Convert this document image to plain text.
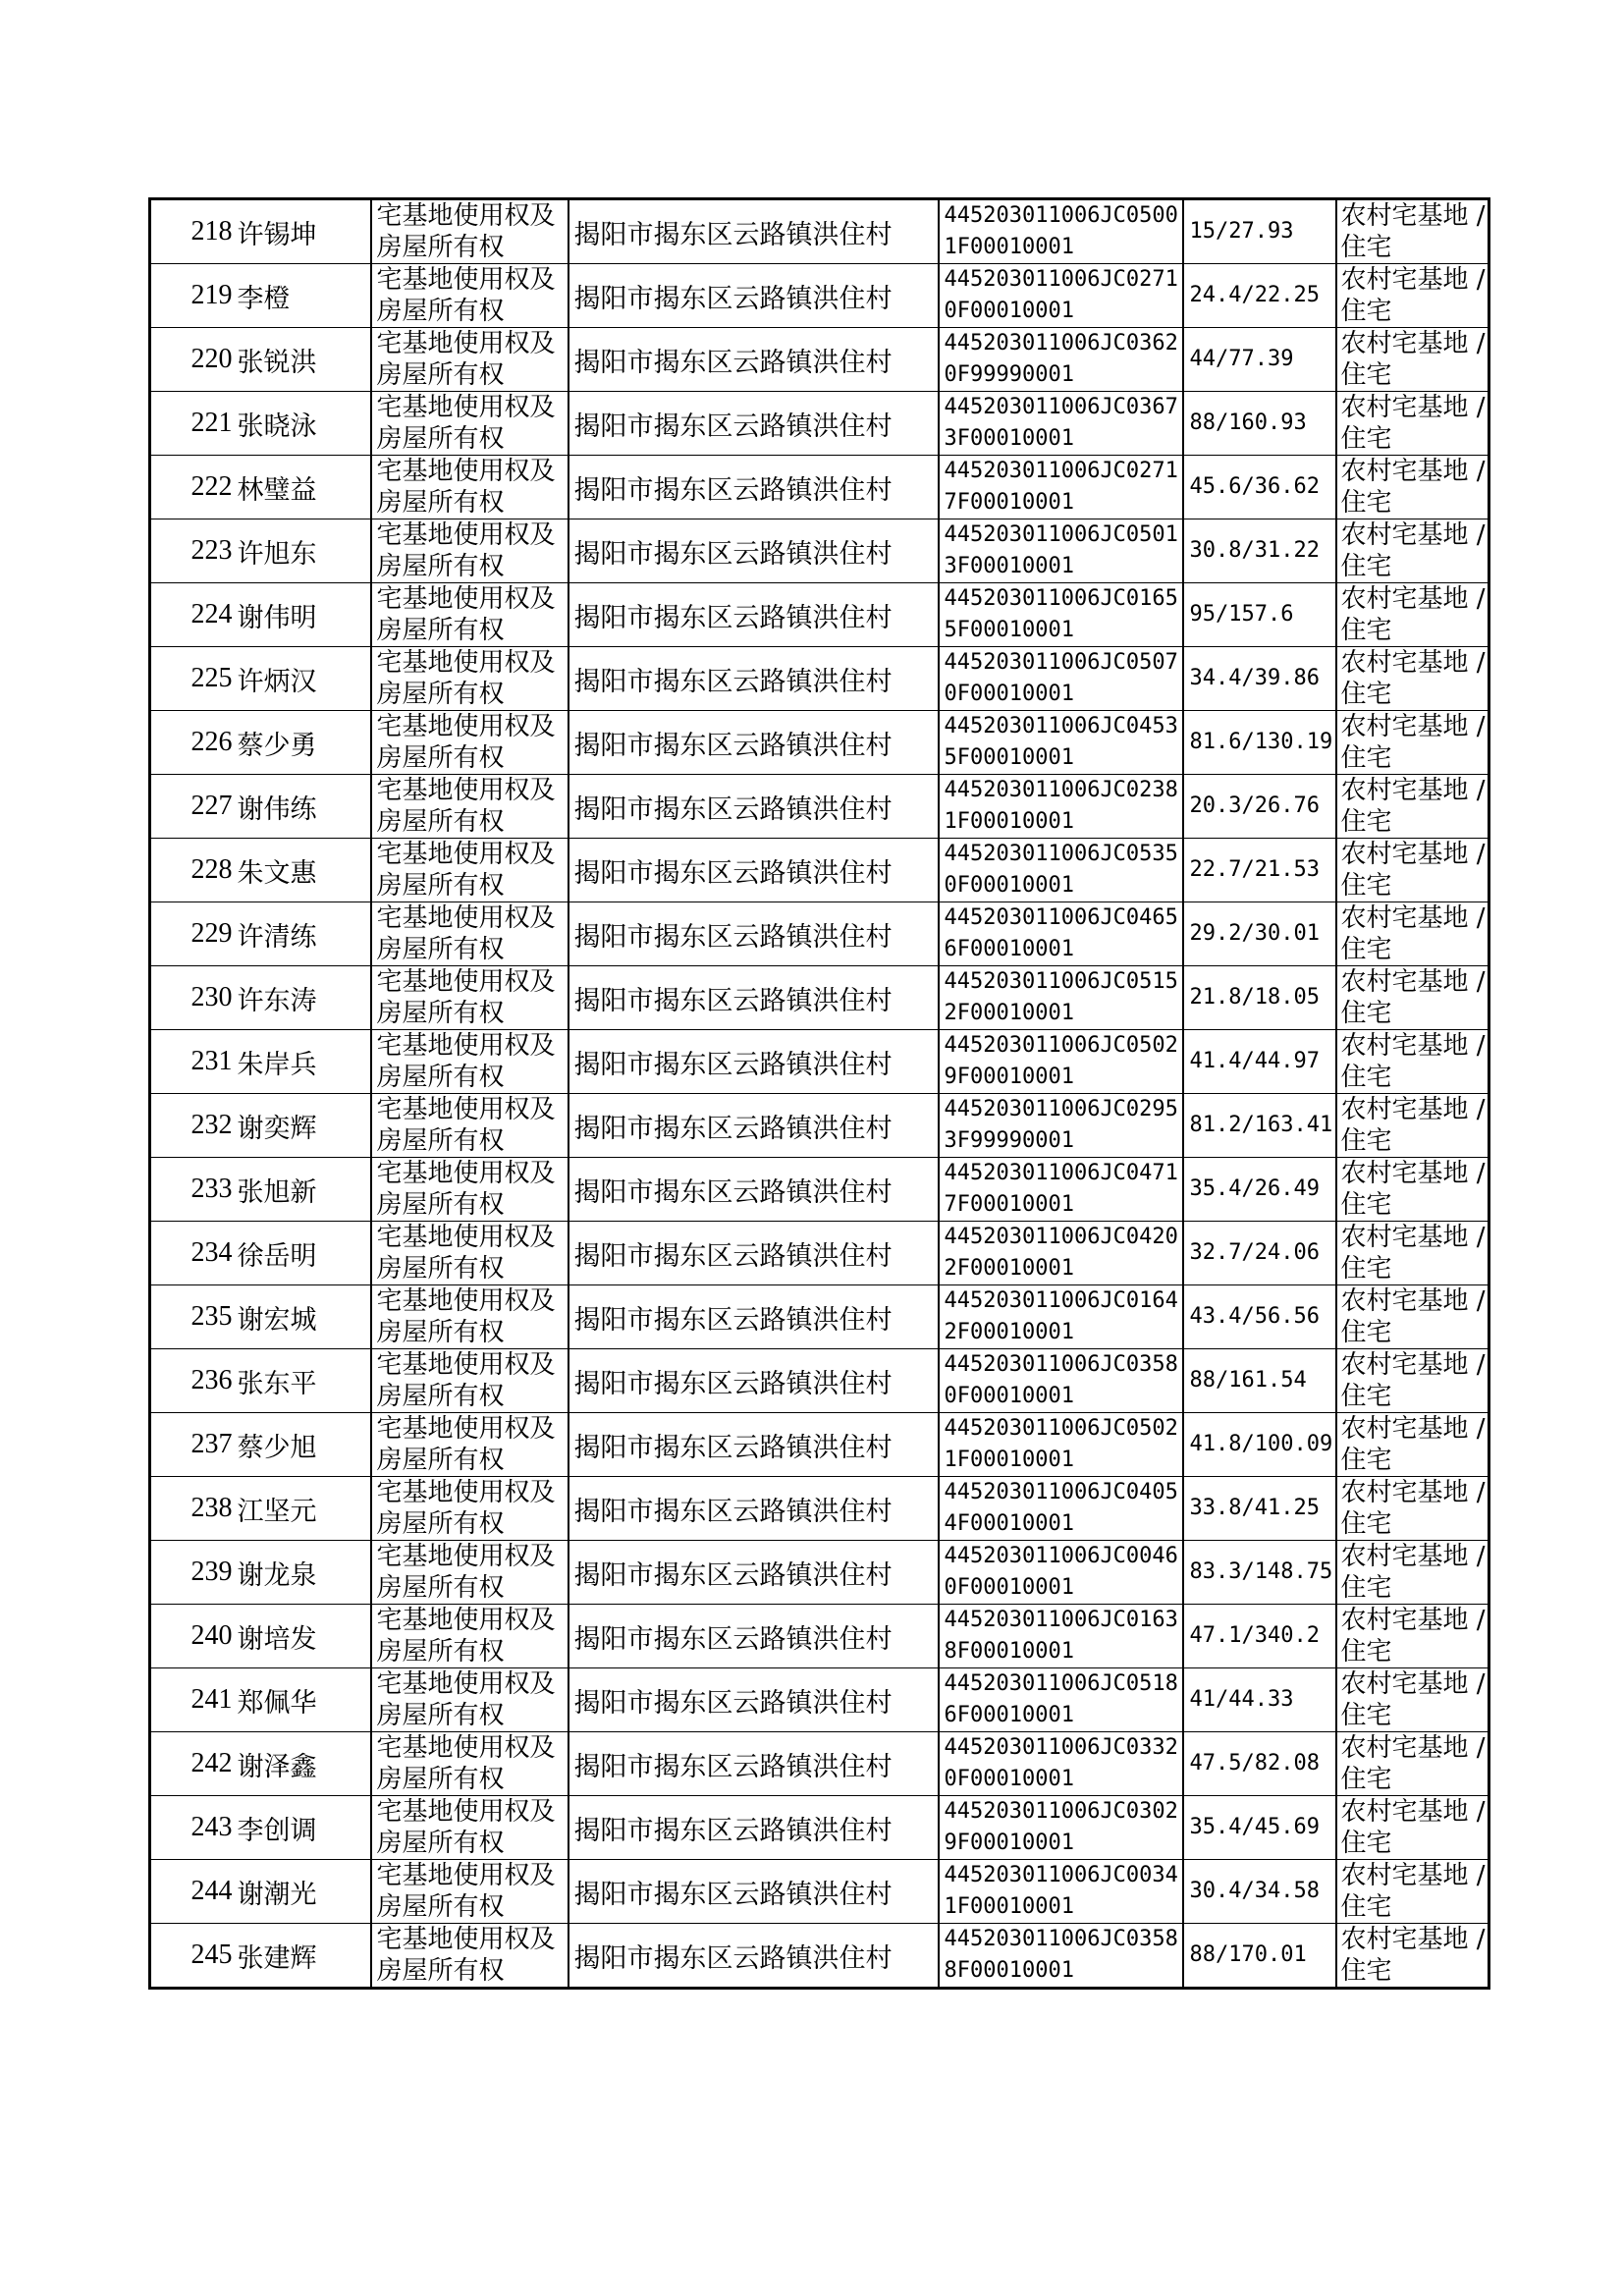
218	许锡坤	宅基地使用权及房屋所有权	揭阳市揭东区云路镇洪住村	445203011006JC05001F00010001	15/27.93	农村宅基地 / 住宅
219	李橙	宅基地使用权及房屋所有权	揭阳市揭东区云路镇洪住村	445203011006JC02710F00010001	24.4/22.25	农村宅基地 / 住宅
220	张锐洪	宅基地使用权及房屋所有权	揭阳市揭东区云路镇洪住村	445203011006JC03620F99990001	44/77.39	农村宅基地 / 住宅
221	张晓泳	宅基地使用权及房屋所有权	揭阳市揭东区云路镇洪住村	445203011006JC03673F00010001	88/160.93	农村宅基地 / 住宅
222	林璧益	宅基地使用权及房屋所有权	揭阳市揭东区云路镇洪住村	445203011006JC02717F00010001	45.6/36.62	农村宅基地 / 住宅
223	许旭东	宅基地使用权及房屋所有权	揭阳市揭东区云路镇洪住村	445203011006JC05013F00010001	30.8/31.22	农村宅基地 / 住宅
224	谢伟明	宅基地使用权及房屋所有权	揭阳市揭东区云路镇洪住村	445203011006JC01655F00010001	95/157.6	农村宅基地 / 住宅
225	许炳汉	宅基地使用权及房屋所有权	揭阳市揭东区云路镇洪住村	445203011006JC05070F00010001	34.4/39.86	农村宅基地 / 住宅
226	蔡少勇	宅基地使用权及房屋所有权	揭阳市揭东区云路镇洪住村	445203011006JC04535F00010001	81.6/130.19	农村宅基地 / 住宅
227	谢伟练	宅基地使用权及房屋所有权	揭阳市揭东区云路镇洪住村	445203011006JC02381F00010001	20.3/26.76	农村宅基地 / 住宅
228	朱文惠	宅基地使用权及房屋所有权	揭阳市揭东区云路镇洪住村	445203011006JC05350F00010001	22.7/21.53	农村宅基地 / 住宅
229	许清练	宅基地使用权及房屋所有权	揭阳市揭东区云路镇洪住村	445203011006JC04656F00010001	29.2/30.01	农村宅基地 / 住宅
230	许东涛	宅基地使用权及房屋所有权	揭阳市揭东区云路镇洪住村	445203011006JC05152F00010001	21.8/18.05	农村宅基地 / 住宅
231	朱岸兵	宅基地使用权及房屋所有权	揭阳市揭东区云路镇洪住村	445203011006JC05029F00010001	41.4/44.97	农村宅基地 / 住宅
232	谢奕辉	宅基地使用权及房屋所有权	揭阳市揭东区云路镇洪住村	445203011006JC02953F99990001	81.2/163.41	农村宅基地 / 住宅
233	张旭新	宅基地使用权及房屋所有权	揭阳市揭东区云路镇洪住村	445203011006JC04717F00010001	35.4/26.49	农村宅基地 / 住宅
234	徐岳明	宅基地使用权及房屋所有权	揭阳市揭东区云路镇洪住村	445203011006JC04202F00010001	32.7/24.06	农村宅基地 / 住宅
235	谢宏城	宅基地使用权及房屋所有权	揭阳市揭东区云路镇洪住村	445203011006JC01642F00010001	43.4/56.56	农村宅基地 / 住宅
236	张东平	宅基地使用权及房屋所有权	揭阳市揭东区云路镇洪住村	445203011006JC03580F00010001	88/161.54	农村宅基地 / 住宅
237	蔡少旭	宅基地使用权及房屋所有权	揭阳市揭东区云路镇洪住村	445203011006JC05021F00010001	41.8/100.09	农村宅基地 / 住宅
238	江坚元	宅基地使用权及房屋所有权	揭阳市揭东区云路镇洪住村	445203011006JC04054F00010001	33.8/41.25	农村宅基地 / 住宅
239	谢龙泉	宅基地使用权及房屋所有权	揭阳市揭东区云路镇洪住村	445203011006JC00460F00010001	83.3/148.75	农村宅基地 / 住宅
240	谢培发	宅基地使用权及房屋所有权	揭阳市揭东区云路镇洪住村	445203011006JC01638F00010001	47.1/340.2	农村宅基地 / 住宅
241	郑佩华	宅基地使用权及房屋所有权	揭阳市揭东区云路镇洪住村	445203011006JC05186F00010001	41/44.33	农村宅基地 / 住宅
242	谢泽鑫	宅基地使用权及房屋所有权	揭阳市揭东区云路镇洪住村	445203011006JC03320F00010001	47.5/82.08	农村宅基地 / 住宅
243	李创调	宅基地使用权及房屋所有权	揭阳市揭东区云路镇洪住村	445203011006JC03029F00010001	35.4/45.69	农村宅基地 / 住宅
244	谢潮光	宅基地使用权及房屋所有权	揭阳市揭东区云路镇洪住村	445203011006JC00341F00010001	30.4/34.58	农村宅基地 / 住宅
245	张建辉	宅基地使用权及房屋所有权	揭阳市揭东区云路镇洪住村	445203011006JC03588F00010001	88/170.01	农村宅基地 / 住宅
